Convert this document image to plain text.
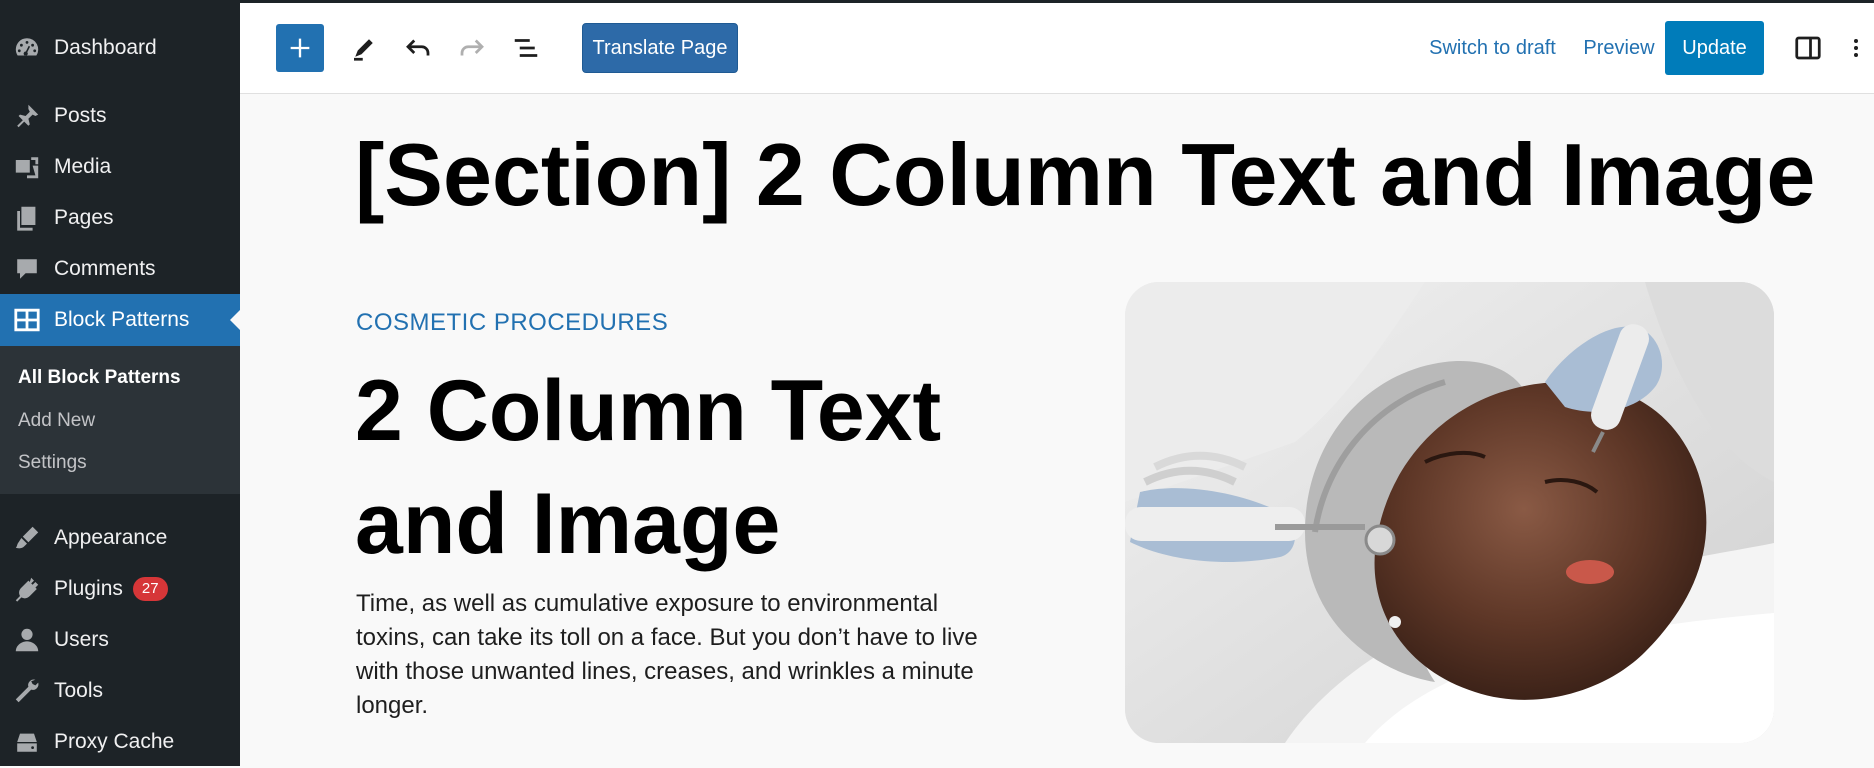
Dashboard
Posts
Media
Pages
Comments
Block Patterns
All Block Patterns
Add New
Settings
Appearance
Plugins	27
Users
Tools
Proxy Cache
Translate Page	Switch to draft	Preview	Update
[Section] 2 Column Text and Image
COSMETIC PROCEDURES
2 Column Text
and Image

Time, as well as cumulative exposure to environmental toxins, can take its toll on a face. But you don’t have to live with those unwanted lines, creases, and wrinkles a minute longer.
